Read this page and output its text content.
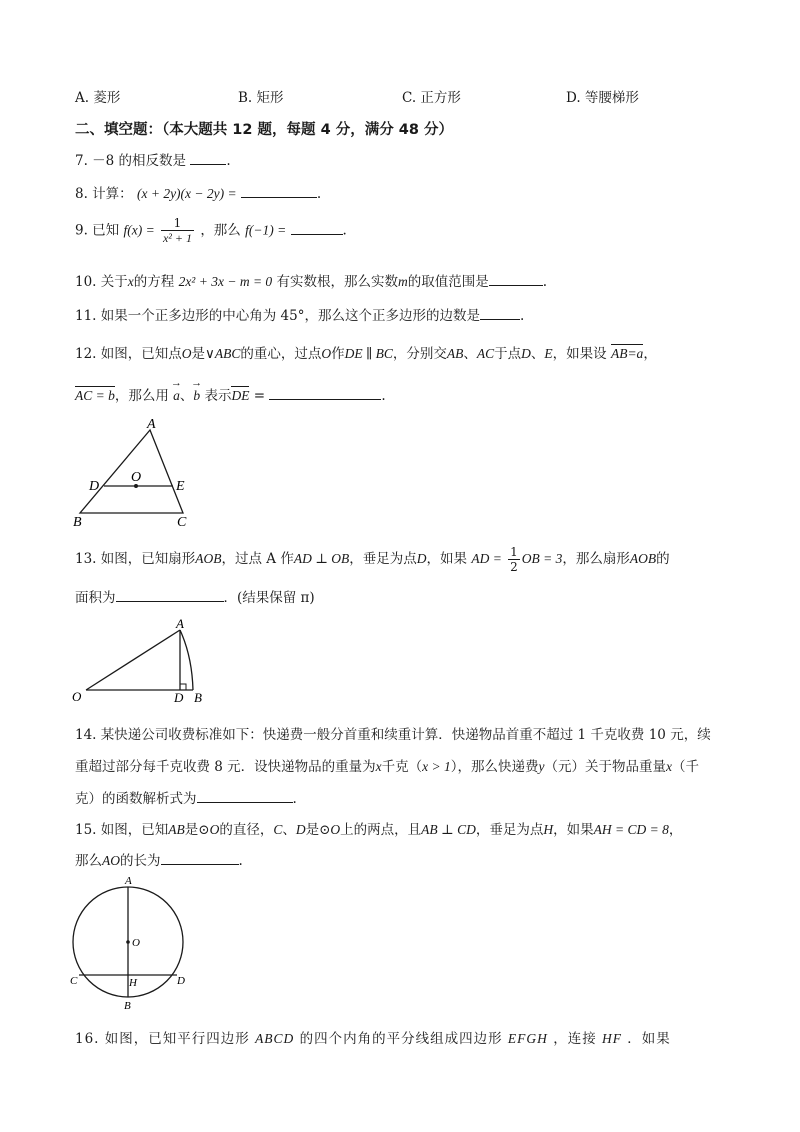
A. 菱形	B. 矩形	C. 正方形	D. 等腰梯形
二、填空题：（本大题共 12 题，每题 4 分，满分 48 分）
7. －8 的相反数是	.
8. 计算： (x + 2y)(x − 2y) =	.
9. 已知 $f(x) = \frac{1}{\text{x² + 1}}$ ，那么 f(−1) =	.
10. 关于x的方程 2x² + 3x − m = 0 有实数根，那么实数m的取值范围是	.
11. 如果一个正多边形的中心角为 45°，那么这个正多边形的边数是	.
12. 如图，已知点O是∨ABC的重心，过点O作DE ∥ BC，分别交AB、AC于点D、E，如果设 AB=a，
AC = b，那么用 → a、→ b 表示DE =	.
A
B	C
D	E
O
13. 如图，已知扇形AOB，过点 A 作AD ⊥ OB，垂足为点D，如果 AD = $\frac{1}{2}$ OB = 3，那么扇形AOB的
面积为	．(结果保留 π)
A
O	D B
14. 某快递公司收费标准如下：快递费一般分首重和续重计算．快递物品首重不超过 1 千克收费 10 元，续
重超过部分每千克收费 8 元．设快递物品的重量为x千克（x > 1），那么快递费y（元）关于物品重量x（千
克）的函数解析式为	.
15. 如图，已知AB是⊙O的直径，C、D是⊙O上的两点，且AB ⊥ CD，垂足为点H，如果AH = CD = 8，
那么AO的长为	.
A
O
C	H	D
B
16. 如图，已知平行四边形 ABCD 的四个内角的平分线组成四边形 EFGH ，连接 HF ．如果
